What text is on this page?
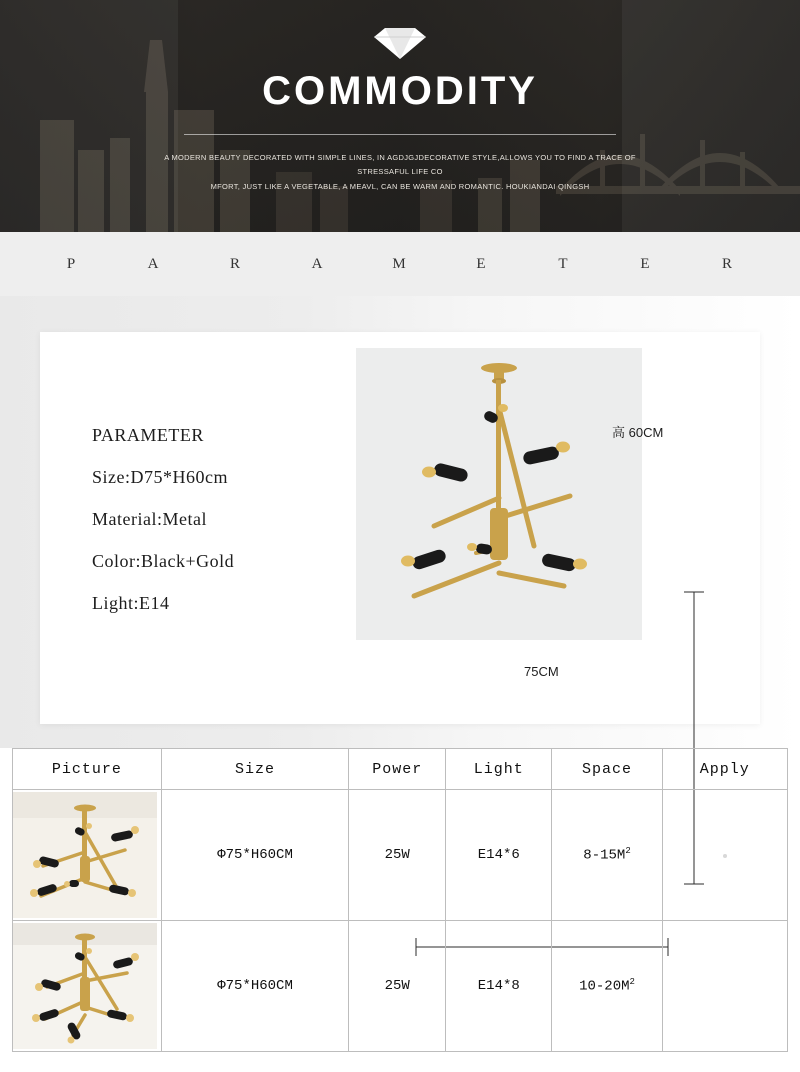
COMMODITY

A MODERN BEAUTY DECORATED WITH SIMPLE LINES, IN AGDJGJDECORATIVE STYLE,ALLOWS YOU TO FIND A TRACE OF STRESSAFUL LIFE CO
MFORT, JUST LIKE A VEGETABLE, A MEAVL, CAN BE WARM AND ROMANTIC. HOUKIANDAI QINGSH

P	A	R	A	M	E	T	E	R
PARAMETER
Size:D75*H60cm
Material:Metal
Color:Black+Gold
Light:E14
高 60CM
75CM
Picture	Size	Power	Light	Space	Apply

	Φ75*H60CM	25W	E14*6	$8-15M^2$	

	Φ75*H60CM	25W	E14*8	$10-20M^2$	
